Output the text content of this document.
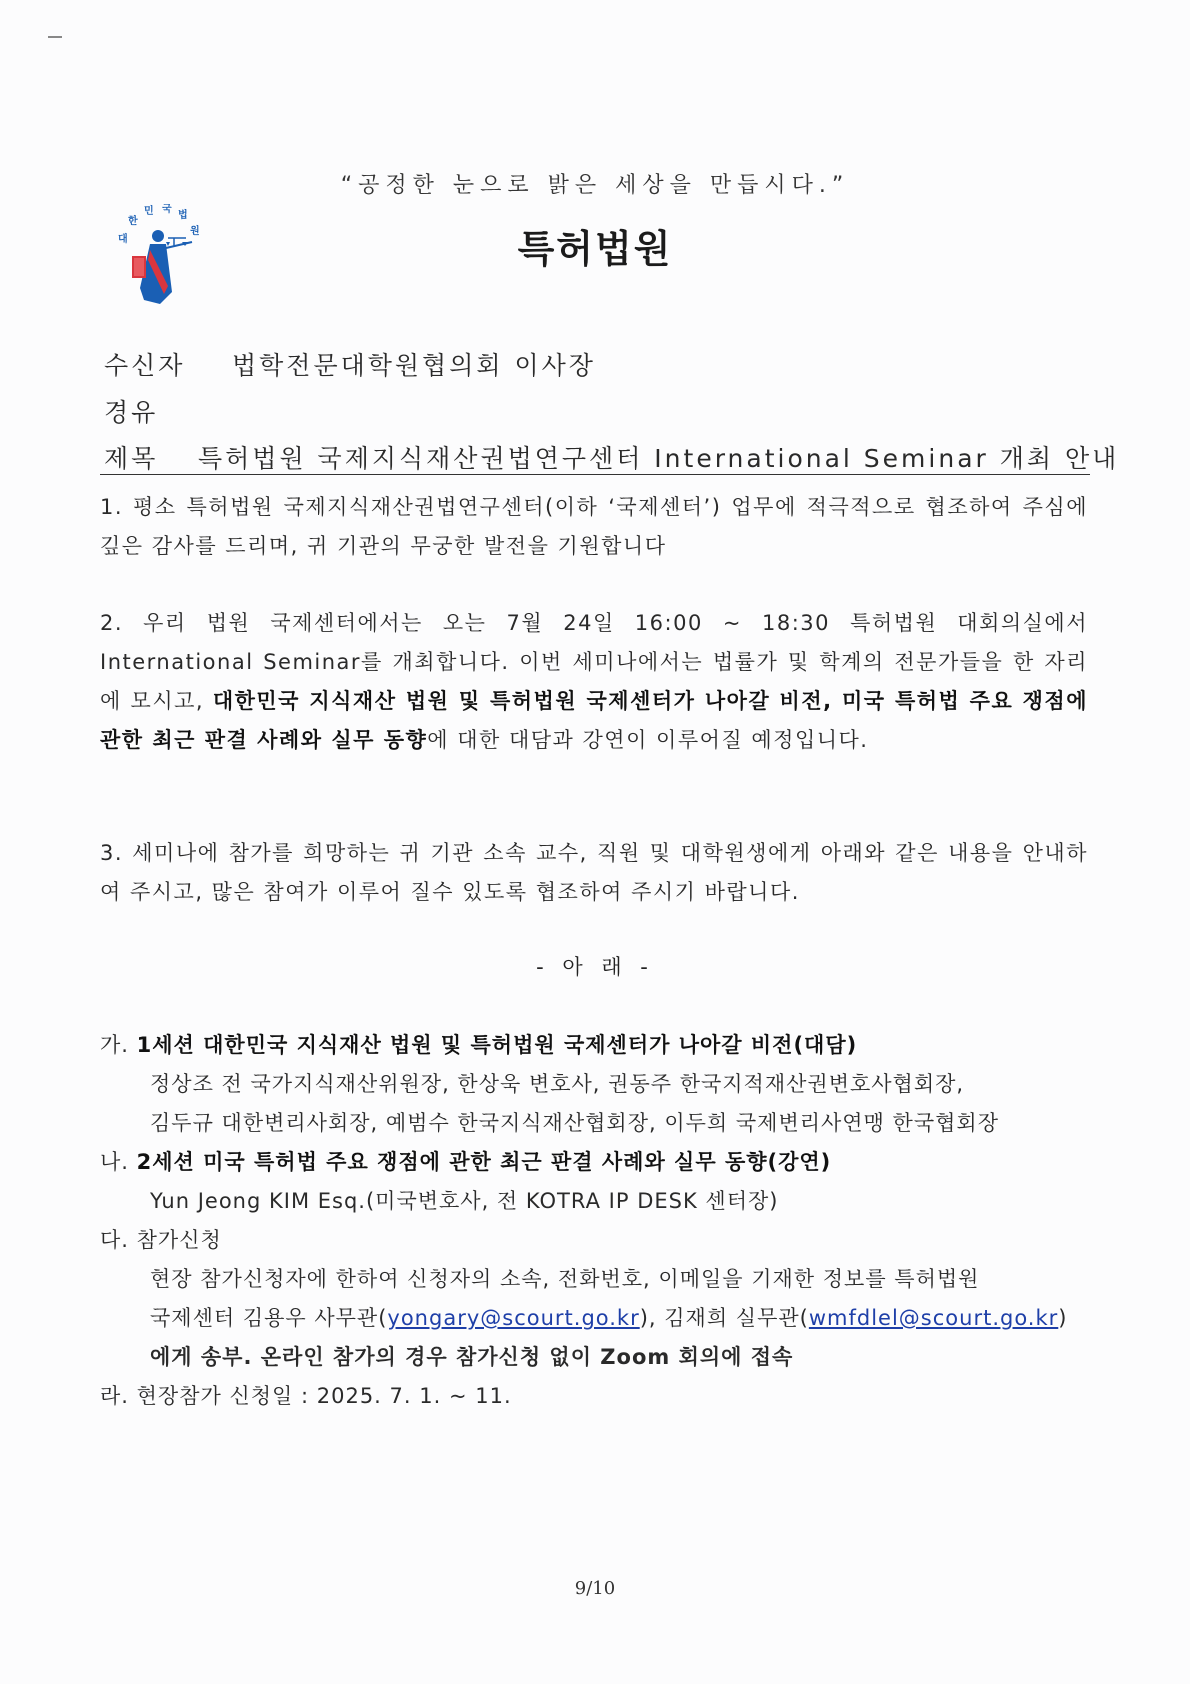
“공정한 눈으로 밝은 세상을 만듭시다.”
대
한
민 국
법
원	특허법원
수신자 법학전문대학원협의회 이사장
경유
제목 특허법원 국제지식재산권법연구센터 International Seminar 개최 안내
1. 평소 특허법원 국제지식재산권법연구센터(이하 ‘국제센터’) 업무에 적극적으로 협조하여 주심에 깊은 감사를 드리며, 귀 기관의 무궁한 발전을 기원합니다
2. 우리 법원 국제센터에서는 오는 7월 24일 16:00 ~ 18:30 특허법원 대회의실에서 International Seminar를 개최합니다. 이번 세미나에서는 법률가 및 학계의 전문가들을 한 자리에 모시고, 대한민국 지식재산 법원 및 특허법원 국제센터가 나아갈 비전, 미국 특허법 주요 쟁점에 관한 최근 판결 사례와 실무 동향에 대한 대담과 강연이 이루어질 예정입니다.
3. 세미나에 참가를 희망하는 귀 기관 소속 교수, 직원 및 대학원생에게 아래와 같은 내용을 안내하여 주시고, 많은 참여가 이루어 질수 있도록 협조하여 주시기 바랍니다.
- 아 래 -
가. 1세션 대한민국 지식재산 법원 및 특허법원 국제센터가 나아갈 비전(대담)
정상조 전 국가지식재산위원장, 한상욱 변호사, 권동주 한국지적재산권변호사협회장,
김두규 대한변리사회장, 예범수 한국지식재산협회장, 이두희 국제변리사연맹 한국협회장
나. 2세션 미국 특허법 주요 쟁점에 관한 최근 판결 사례와 실무 동향(강연)
Yun Jeong KIM Esq.(미국변호사, 전 KOTRA IP DESK 센터장)
다. 참가신청
현장 참가신청자에 한하여 신청자의 소속, 전화번호, 이메일을 기재한 정보를 특허법원
국제센터 김용우 사무관(yongary@scourt.go.kr), 김재희 실무관(wmfdlel@scourt.go.kr)
에게 송부. 온라인 참가의 경우 참가신청 없이 Zoom 회의에 접속
라. 현장참가 신청일 : 2025. 7. 1. ~ 11.
9/10
